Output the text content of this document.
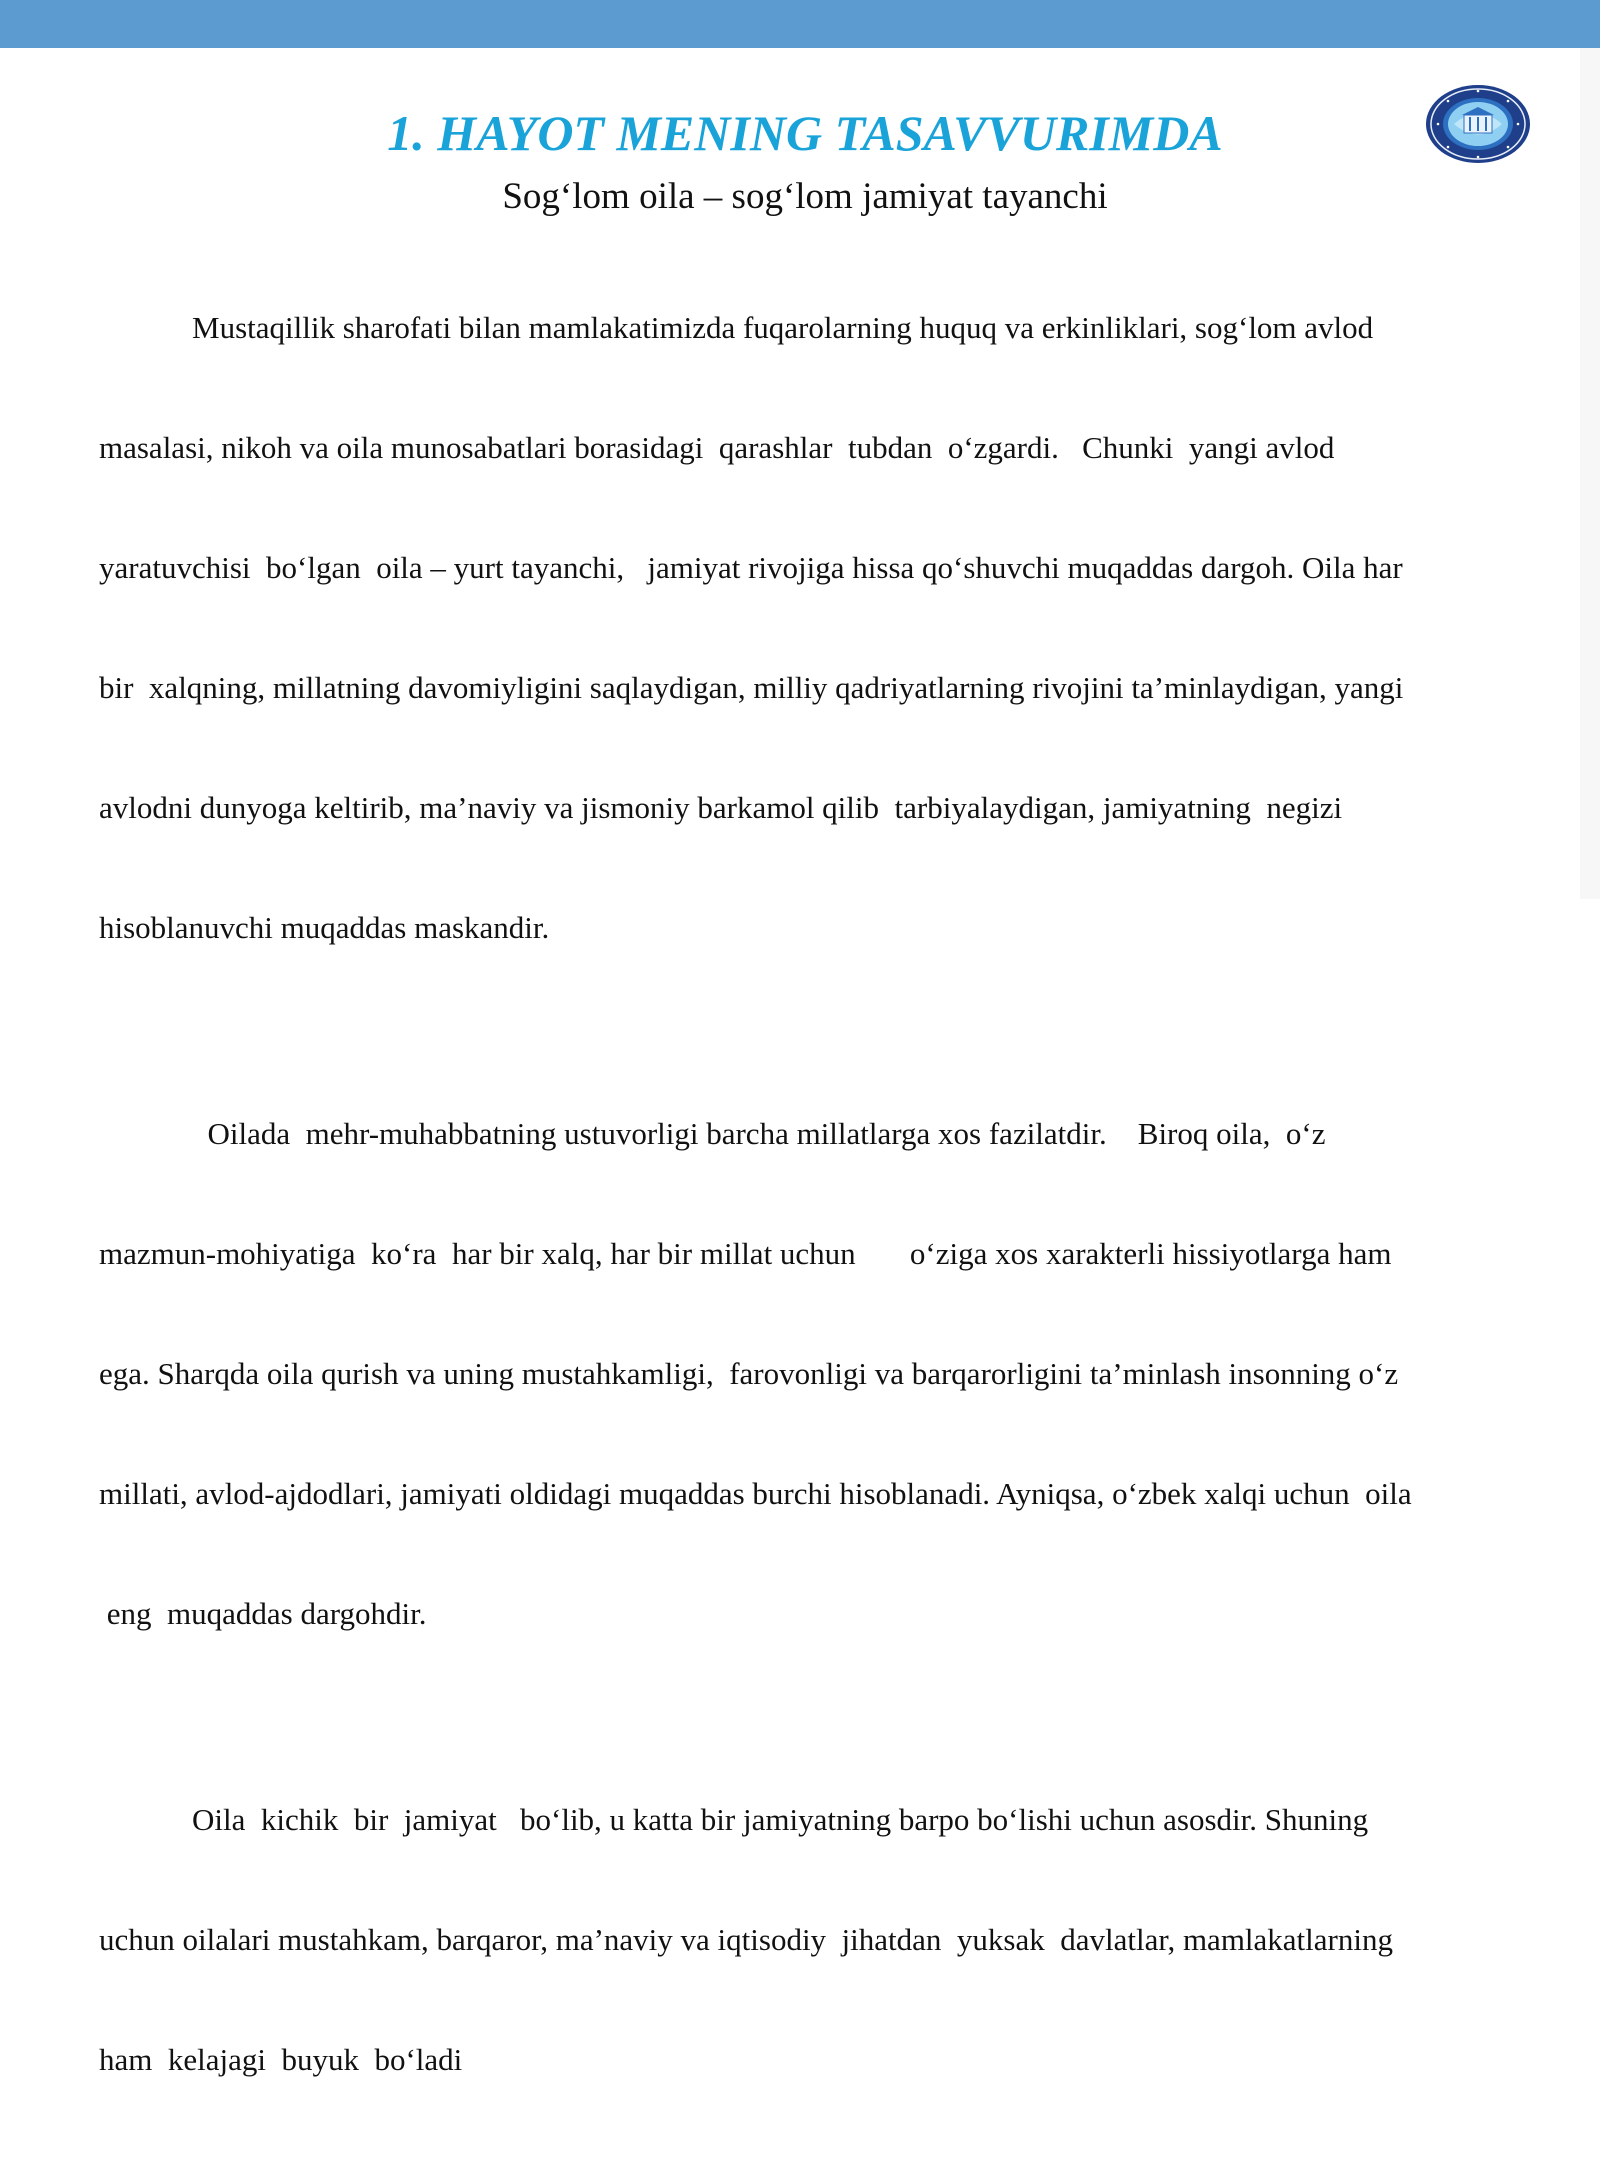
1. HAYOT MENING TASAVVURIMDA
Sog‘lom oila – sog‘lom jamiyat tayanchi

Mustaqillik sharofati bilan mamlakatimizda fuqarolarning huquq va erkinliklari, sog‘lom avlod

masalasi, nikoh va oila munosabatlari borasidagi  qarashlar  tubdan  o‘zgardi.   Chunki  yangi avlod

yaratuvchisi  bo‘lgan  oila – yurt tayanchi,   jamiyat rivojiga hissa qo‘shuvchi muqaddas dargoh. Oila har

bir  xalqning, millatning davomiyligini saqlaydigan, milliy qadriyatlarning rivojini ta’minlaydigan, yangi

avlodni dunyoga keltirib, ma’naviy va jismoniy barkamol qilib  tarbiyalaydigan, jamiyatning  negizi

hisoblanuvchi muqaddas maskandir.

Oilada  mehr-muhabbatning ustuvorligi barcha millatlarga xos fazilatdir.    Biroq oila,  o‘z

mazmun-mohiyatiga  ko‘ra  har bir xalq, har bir millat uchun       o‘ziga xos xarakterli hissiyotlarga ham

ega. Sharqda oila qurish va uning mustahkamligi,  farovonligi va barqarorligini ta’minlash insonning o‘z

millati, avlod-ajdodlari, jamiyati oldidagi muqaddas burchi hisoblanadi. Ayniqsa, o‘zbek xalqi uchun  oila

eng  muqaddas dargohdir.

Oila  kichik  bir  jamiyat   bo‘lib, u katta bir jamiyatning barpo bo‘lishi uchun asosdir. Shuning

uchun oilalari mustahkam, barqaror, ma’naviy va iqtisodiy  jihatdan  yuksak  davlatlar, mamlakatlarning

ham  kelajagi  buyuk  bo‘ladi
